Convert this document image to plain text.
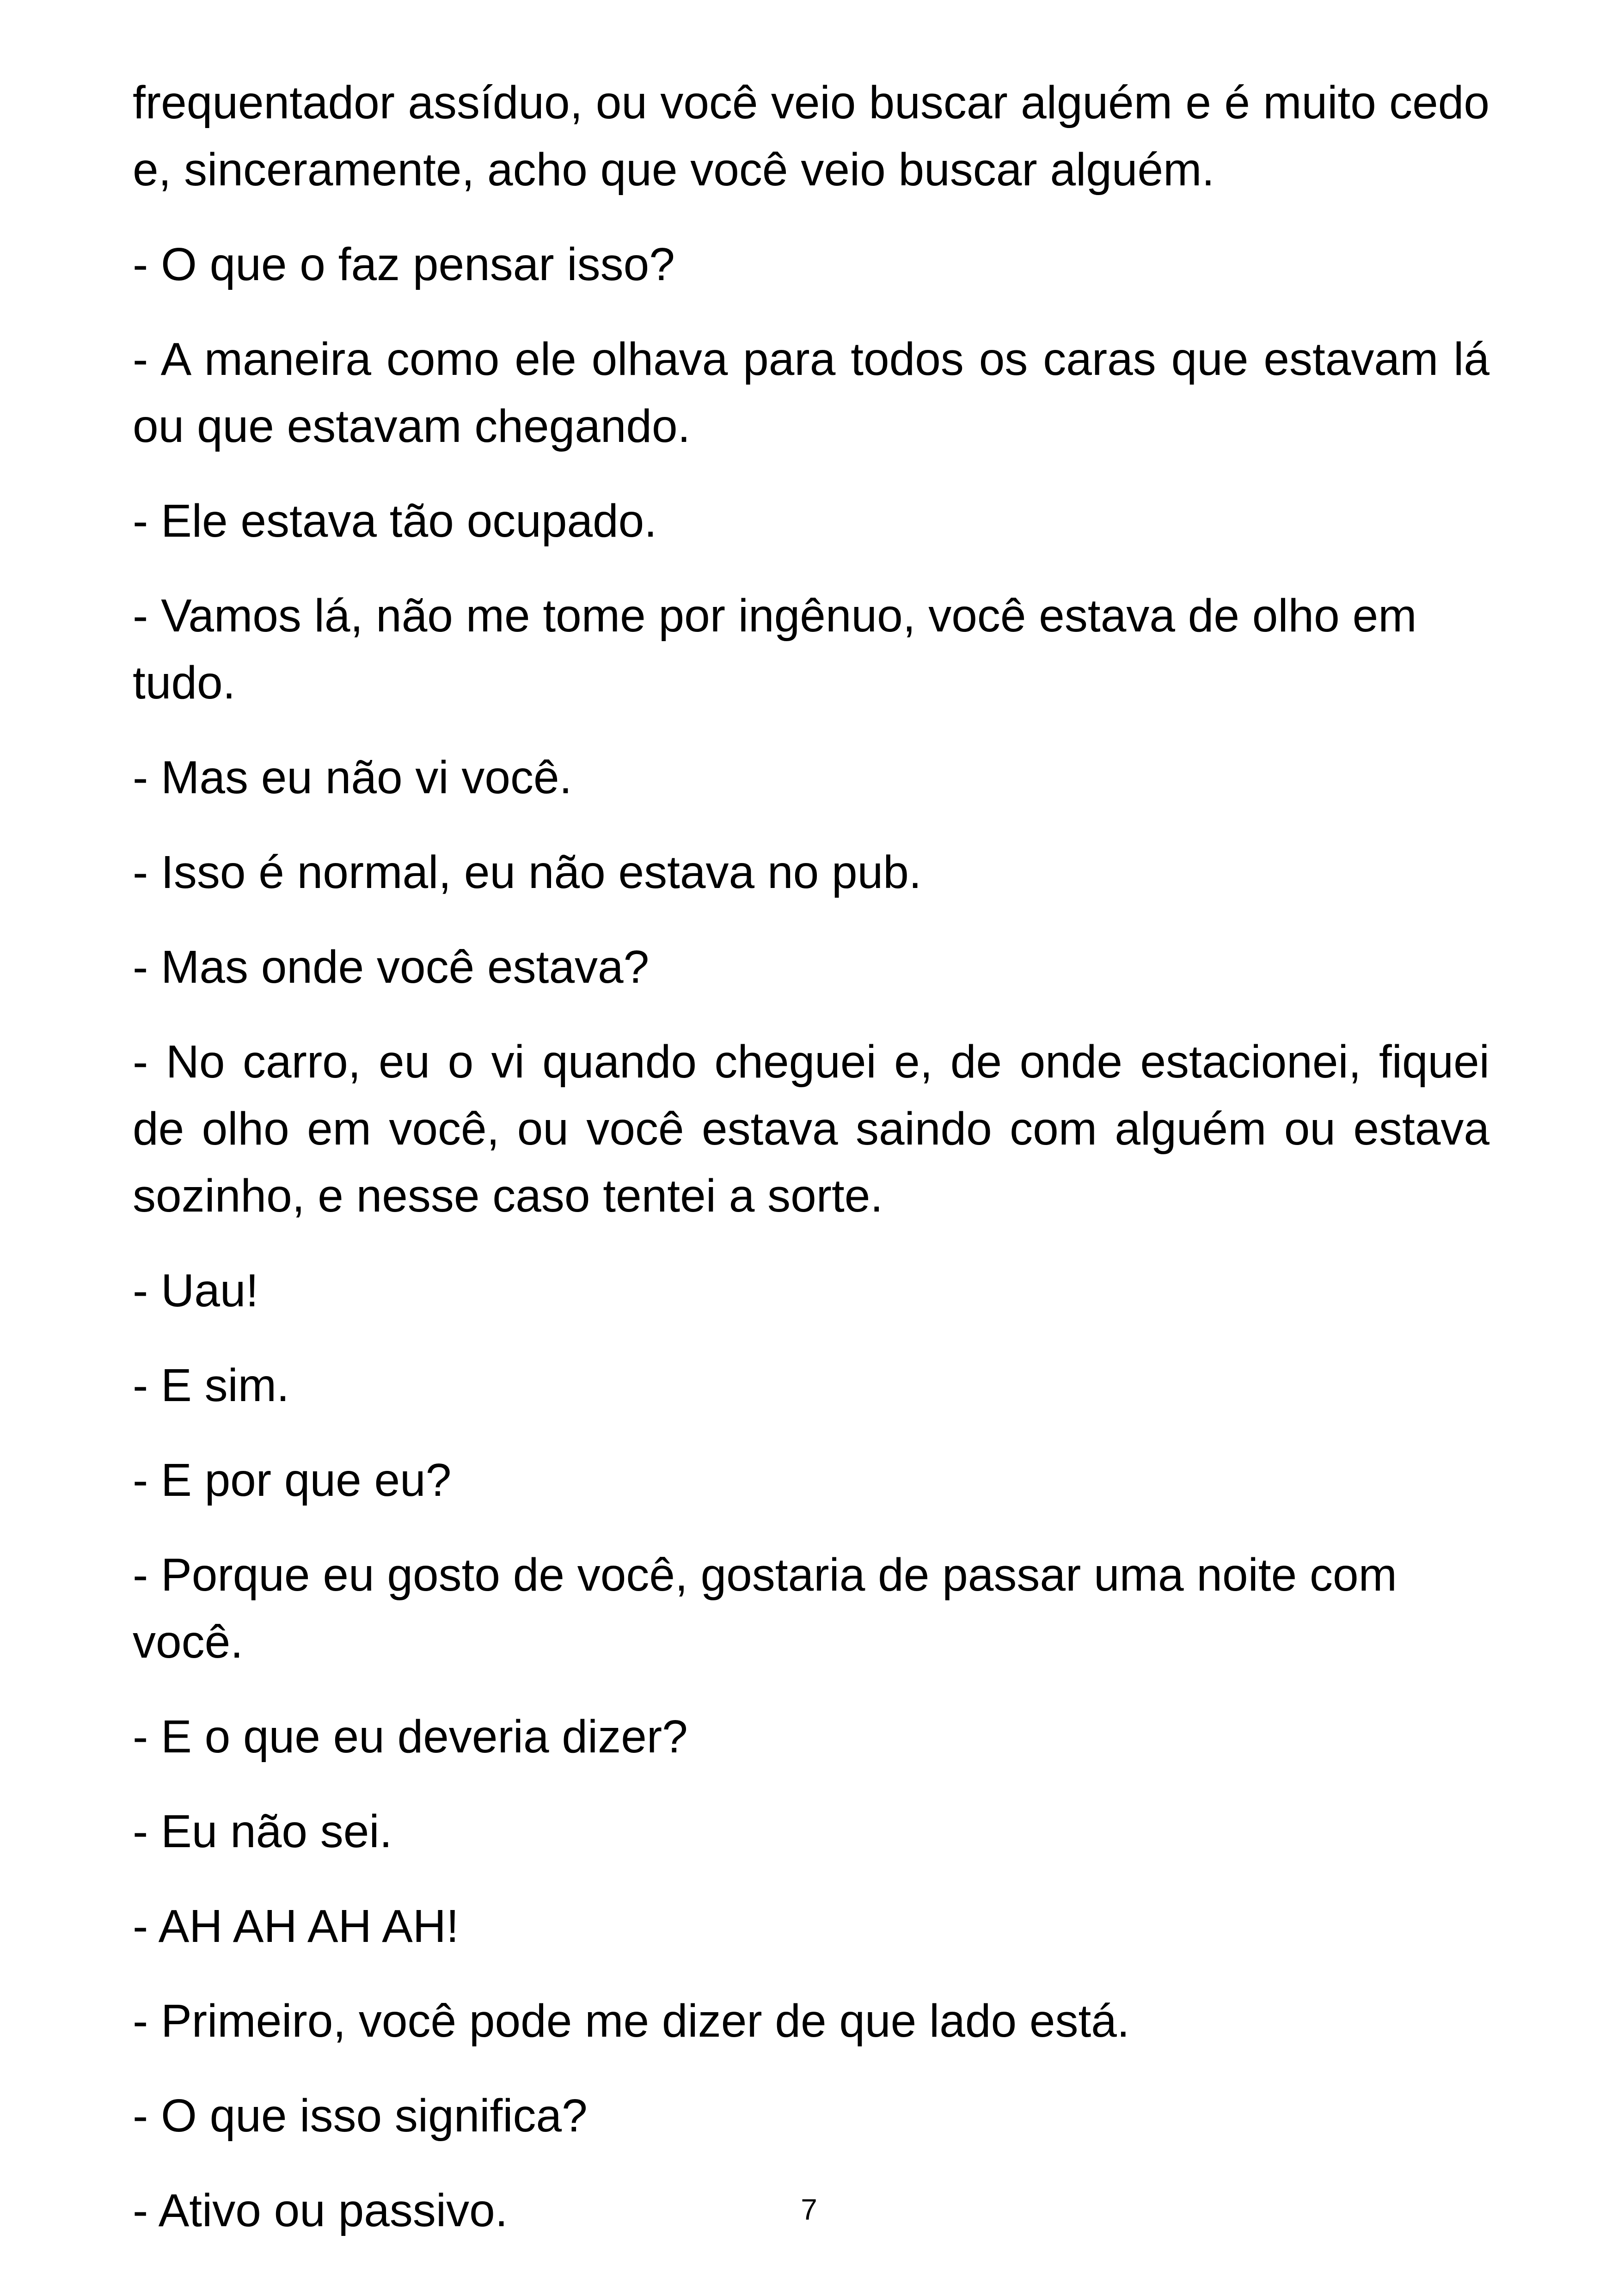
frequentador assíduo, ou você veio buscar alguém e é muito cedo e, sinceramente, acho que você veio buscar alguém.

- O que o faz pensar isso?

- A maneira como ele olhava para todos os caras que estavam lá ou que estavam chegando.

- Ele estava tão ocupado.

- Vamos lá, não me tome por ingênuo, você estava de olho em tudo.

- Mas eu não vi você.

- Isso é normal, eu não estava no pub.

- Mas onde você estava?

- No carro, eu o vi quando cheguei e, de onde estacionei, fiquei de olho em você, ou você estava saindo com alguém ou estava sozinho, e nesse caso tentei a sorte.

- Uau!

- E sim.

- E por que eu?

- Porque eu gosto de você, gostaria de passar uma noite com você.

- E o que eu deveria dizer?

- Eu não sei.

- AH AH AH AH!

- Primeiro, você pode me dizer de que lado está.

- O que isso significa?

- Ativo ou passivo.	7
